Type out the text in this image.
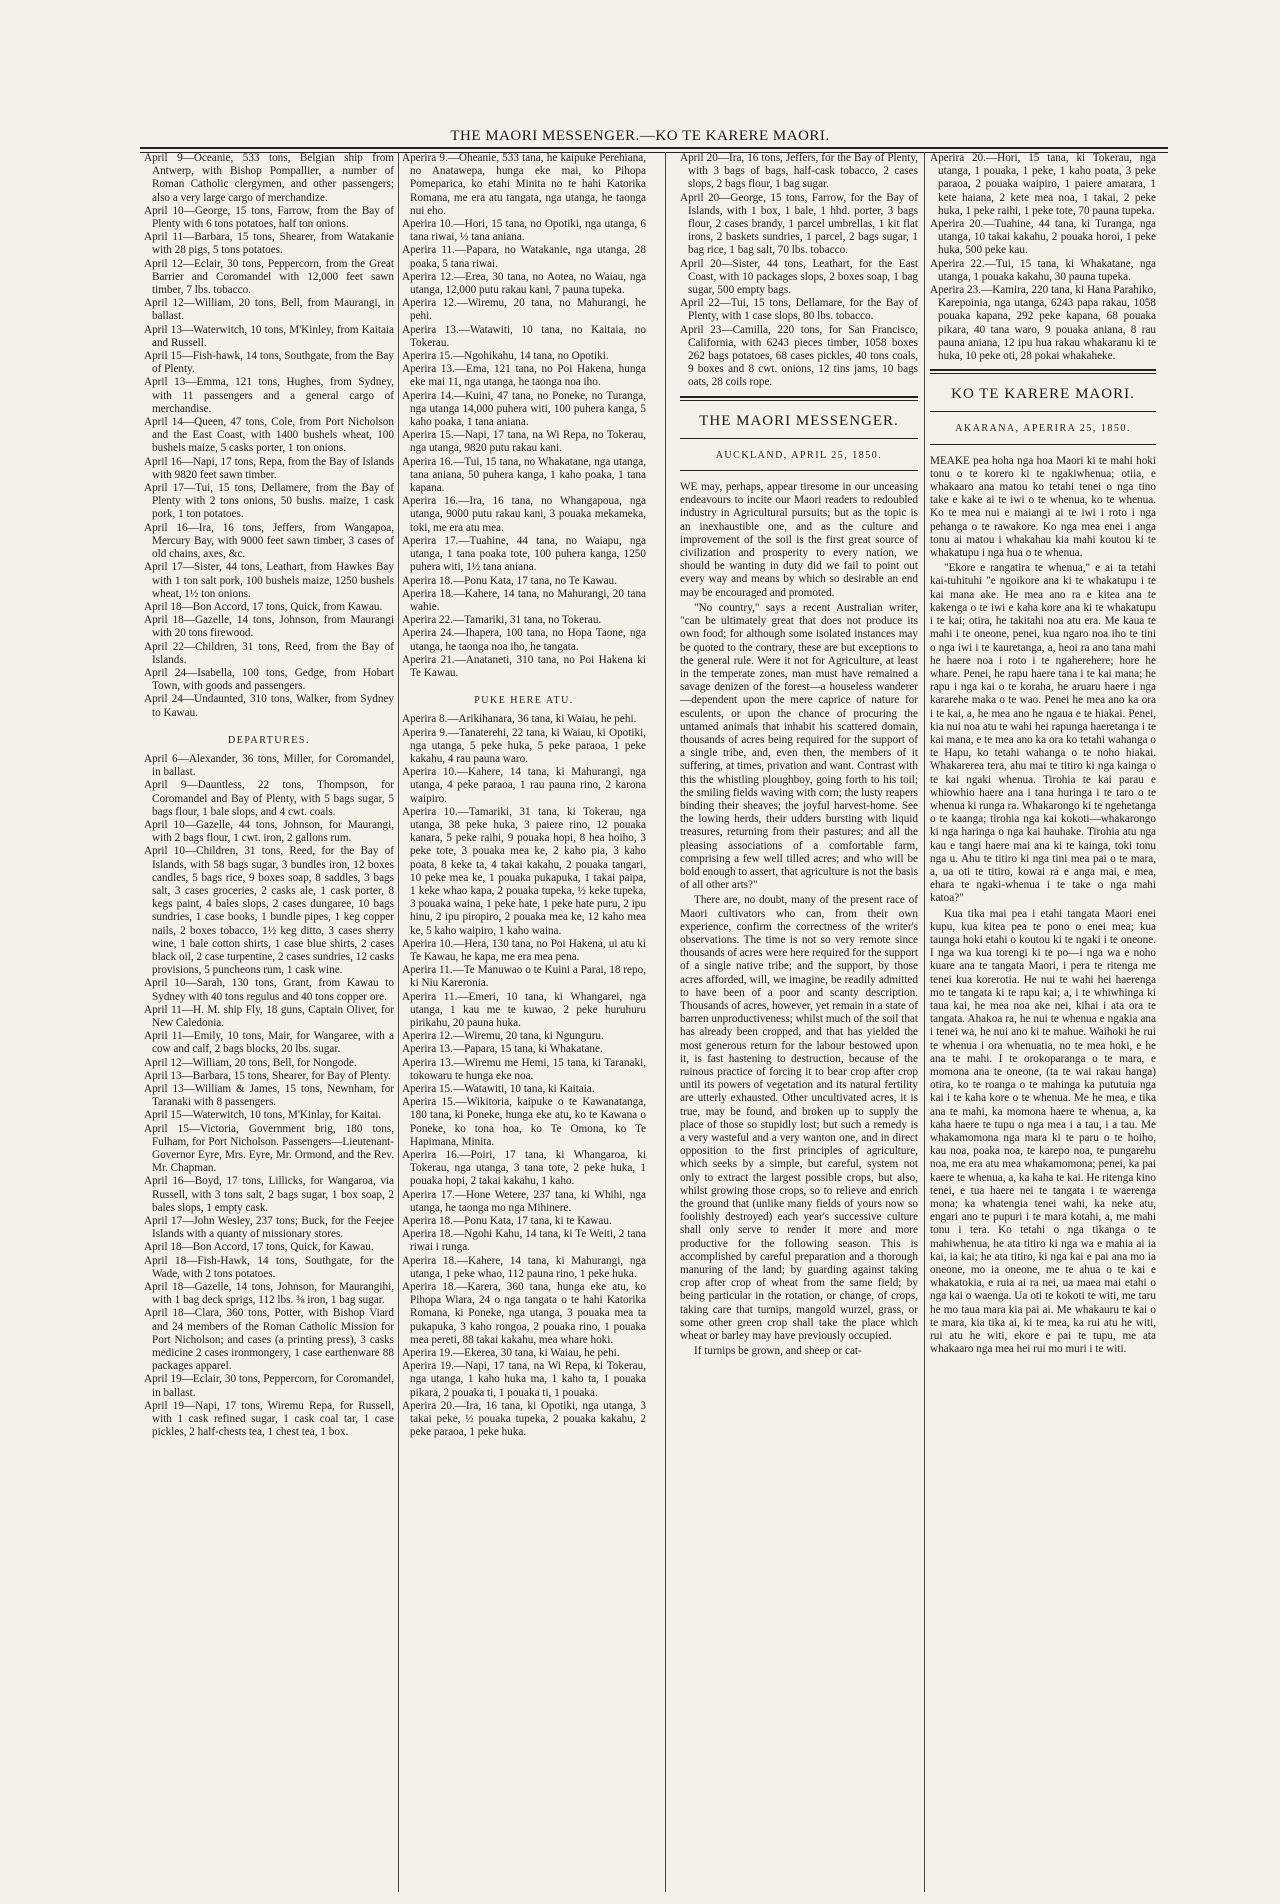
THE MAORI MESSENGER.—KO TE KARERE MAORI.

April 9—Oceanie, 533 tons, Belgian ship from Antwerp, with Bishop Pompallier, a number of Roman Catholic clergymen, and other passengers; also a very large cargo of merchandize.

April 10—George, 15 tons, Farrow, from the Bay of Plenty with 6 tons potatoes, half ton onions.

April 11—Barbara, 15 tons, Shearer, from Watakanie with 28 pigs, 5 tons potatoes.

April 12—Eclair, 30 tons, Peppercorn, from the Great Barrier and Coromandel with 12,000 feet sawn timber, 7 lbs. tobacco.

April 12—William, 20 tons, Bell, from Maurangi, in ballast.

April 13—Waterwitch, 10 tons, M'Kinley, from Kaitaia and Russell.

April 15—Fish-hawk, 14 tons, Southgate, from the Bay of Plenty.

April 13—Emma, 121 tons, Hughes, from Sydney, with 11 passengers and a general cargo of merchandise.

April 14—Queen, 47 tons, Cole, from Port Nicholson and the East Coast, with 1400 bushels wheat, 100 bushels maize, 5 casks porter, 1 ton onions.

April 16—Napi, 17 tons, Repa, from the Bay of Islands with 9820 feet sawn timber.

April 17—Tui, 15 tons, Dellamere, from the Bay of Plenty with 2 tons onions, 50 bushs. maize, 1 cask pork, 1 ton potatoes.

April 16—Ira, 16 tons, Jeffers, from Wangapoa, Mercury Bay, with 9000 feet sawn timber, 3 cases of old chains, axes, &c.

April 17—Sister, 44 tons, Leathart, from Hawkes Bay with 1 ton salt pork, 100 bushels maize, 1250 bushels wheat, 1½ ton onions.

April 18—Bon Accord, 17 tons, Quick, from Kawau.

April 18—Gazelle, 14 tons, Johnson, from Maurangi with 20 tons firewood.

April 22—Children, 31 tons, Reed, from the Bay of Islands.

April 24—Isabella, 100 tons, Gedge, from Hobart Town, with goods and passengers.

April 24—Undaunted, 310 tons, Walker, from Sydney to Kawau.

DEPARTURES.

April 6—Alexander, 36 tons, Miller, for Coromandel, in ballast.

April 9—Dauntless, 22 tons, Thompson, for Coromandel and Bay of Plenty, with 5 bags sugar, 5 bags flour, 1 bale slops, and 4 cwt. coals.

April 10—Gazelle, 44 tons, Johnson, for Maurangi, with 2 bags flour, 1 cwt. iron, 2 gallons rum.

April 10—Children, 31 tons, Reed, for the Bay of Islands, with 58 bags sugar, 3 bundles iron, 12 boxes candles, 5 bags rice, 9 boxes soap, 8 saddles, 3 bags salt, 3 cases groceries, 2 casks ale, 1 cask porter, 8 kegs paint, 4 bales slops, 2 cases dungaree, 10 bags sundries, 1 case books, 1 bundle pipes, 1 keg copper nails, 2 boxes tobacco, 1½ keg ditto, 3 cases sherry wine, 1 bale cotton shirts, 1 case blue shirts, 2 cases black oil, 2 case turpentine, 2 cases sundries, 12 casks provisions, 5 puncheons rum, 1 cask wine.

April 10—Sarah, 130 tons, Grant, from Kawau to Sydney with 40 tons regulus and 40 tons copper ore.

April 11—H. M. ship Fly, 18 guns, Captain Oliver, for New Caledonia.

April 11—Emily, 10 tons, Mair, for Wangaree, with a cow and calf, 2 bags blocks, 20 lbs. sugar.

April 12—William, 20 tons, Bell, for Nongode.

April 13—Barbara, 15 tons, Shearer, for Bay of Plenty.

April 13—William & James, 15 tons, Newnham, for Taranaki with 8 passengers.

April 15—Waterwitch, 10 tons, M'Kinlay, for Kaitai.

April 15—Victoria, Government brig, 180 tons, Fulham, for Port Nicholson. Passengers—Lieutenant-Governor Eyre, Mrs. Eyre, Mr. Ormond, and the Rev. Mr. Chapman.

April 16—Boyd, 17 tons, Lillicks, for Wangaroa, via Russell, with 3 tons salt, 2 bags sugar, 1 box soap, 2 bales slops, 1 empty cask.

April 17—John Wesley, 237 tons; Buck, for the Feejee Islands with a quanty of missionary stores.

April 18—Bon Accord, 17 tons, Quick, for Kawau.

April 18—Fish-Hawk, 14 tons, Southgate, for the Wade, with 2 tons potatoes.

April 18—Gazelle, 14 tons, Johnson, for Maurangihi, with 1 bag deck sprigs, 112 lbs. ⅜ iron, 1 bag sugar.

April 18—Clara, 360 tons, Potter, with Bishop Viard and 24 members of the Roman Catholic Mission for Port Nicholson; and cases (a printing press), 3 casks medicine 2 cases ironmongery, 1 case earthenware 88 packages apparel.

April 19—Eclair, 30 tons, Peppercorn, for Coromandel, in ballast.

April 19—Napi, 17 tons, Wiremu Repa, for Russell, with 1 cask refined sugar, 1 cask coal tar, 1 case pickles, 2 half-chests tea, 1 chest tea, 1 box.

Aperira 9.—Oheanie, 533 tana, he kaipuke Perehiana, no Anatawepa, hunga eke mai, ko Pihopa Pomeparica, ko etahi Minita no te hahi Katorika Romana, me era atu tangata, nga utanga, he taonga nui eho.

Aperira 10.—Hori, 15 tana, no Opotiki, nga utanga, 6 tana riwai, ½ tana aniana.

Aperira 11.—Papara, no Watakanie, nga utanga, 28 poaka, 5 tana riwai.

Aperira 12.—Erea, 30 tana, no Aotea, no Waiau, nga utanga, 12,000 putu rakau kani, 7 pauna tupeka.

Aperira 12.—Wiremu, 20 tana, no Mahurangi, he pehi.

Aperira 13.—Watawiti, 10 tana, no Kaitaia, no Tokerau.

Aperira 15.—Ngohikahu, 14 tana, no Opotiki.

Aperira 13.—Ema, 121 tana, no Poi Hakena, hunga eke mai 11, nga utanga, he taonga noa iho.

Aperira 14.—Kuini, 47 tana, no Poneke, no Turanga, nga utanga 14,000 puhera witi, 100 puhera kanga, 5 kaho poaka, 1 tana aniana.

Aperira 15.—Napi, 17 tana, na Wi Repa, no Tokerau, nga utanga, 9820 putu rakau kani.

Aperira 16.—Tui, 15 tana, no Whakatane, nga utanga, tana aniana, 50 puhera kanga, 1 kaho poaka, 1 tana kapana.

Aperira 16.—Ira, 16 tana, no Whangapoua, nga utanga, 9000 putu rakau kani, 3 pouaka mekameka, toki, me era atu mea.

Aperira 17.—Tuahine, 44 tana, no Waiapu, nga utanga, 1 tana poaka tote, 100 puhera kanga, 1250 puhera witi, 1½ tana aniana.

Aperira 18.—Ponu Kata, 17 tana, no Te Kawau.

Aperira 18.—Kahere, 14 tana, no Mahurangi, 20 tana wahie.

Aperira 22.—Tamariki, 31 tana, no Tokerau.

Aperira 24.—Ihapera, 100 tana, no Hopa Taone, nga utanga, he taonga noa iho, he tangata.

Aperira 21.—Anataneti, 310 tana, no Poi Hakena ki Te Kawau.

PUKE HERE ATU.

Aperira 8.—Arikihanara, 36 tana, ki Waiau, he pehi.

Aperira 9.—Tanaterehi, 22 tana, ki Waiau, ki Opotiki, nga utanga, 5 peke huka, 5 peke paraoa, 1 peke kakahu, 4 rau pauna waro.

Aperira 10.—Kahere, 14 tana, ki Mahurangi, nga utanga, 4 peke paraoa, 1 rau pauna rino, 2 karona waipiro.

Aperira 10.—Tamariki, 31 tana, ki Tokerau, nga utanga, 38 peke huka, 3 paiere rino, 12 pouaka kanara, 5 peke raihi, 9 pouaka hopi, 8 hea hoiho, 3 peke tote, 3 pouaka mea ke, 2 kaho pia, 3 kaho poata, 8 keke ta, 4 takai kakahu, 2 pouaka tangari, 10 peke mea ke, 1 pouaka pukapuka, 1 takai paipa, 1 keke whao kapa, 2 pouaka tupeka, ½ keke tupeka, 3 pouaka waina, 1 peke hate, 1 peke hate puru, 2 ipu hinu, 2 ipu piropiro, 2 pouaka mea ke, 12 kaho mea ke, 5 kaho waipiro, 1 kaho waina.

Aperira 10.—Hera, 130 tana, no Poi Hakena, ui atu ki Te Kawau, he kapa, me era mea pena.

Aperira 11.—Te Manuwao o te Kuini a Parai, 18 repo, ki Niu Kareronia.

Aperira 11.—Emeri, 10 tana, ki Whangarei, nga utanga, 1 kau me te kuwao, 2 peke huruhuru pirikahu, 20 pauna huka.

Aperira 12.—Wiremu, 20 tana, ki Ngunguru.

Aperira 13.—Papara, 15 tana, ki Whakatane.

Aperira 13.—Wiremu me Hemi, 15 tana, ki Taranaki, tokowaru te hunga eke noa.

Aperira 15.—Watawiti, 10 tana, ki Kaitaia.

Aperira 15.—Wikitoria, kaipuke o te Kawanatanga, 180 tana, ki Poneke, hunga eke atu, ko te Kawana o Poneke, ko tona hoa, ko Te Omona, ko Te Hapimana, Minita.

Aperira 16.—Poiri, 17 tana, ki Whangaroa, ki Tokerau, nga utanga, 3 tana tote, 2 peke huka, 1 pouaka hopi, 2 takai kakahu, 1 kaho.

Aperira 17.—Hone Wetere, 237 tana, ki Whihi, nga utanga, he taonga mo nga Mihinere.

Aperira 18.—Ponu Kata, 17 tana, ki te Kawau.

Aperira 18.—Ngohi Kahu, 14 tana, ki Te Weiti, 2 tana riwai i runga.

Aperira 18.—Kahere, 14 tana, ki Mahurangi, nga utanga, 1 peke whao, 112 pauna rino, 1 peke huka.

Aperira 18.—Karera, 360 tana, hunga eke atu, ko Pihopa Wiara, 24 o nga tangata o te hahi Katorika Romana, ki Poneke, nga utanga, 3 pouaka mea ta pukapuka, 3 kaho rongoa, 2 pouaka rino, 1 pouaka mea pereti, 88 takai kakahu, mea whare hoki.

Aperira 19.—Ekerea, 30 tana, ki Waiau, he pehi.

Aperira 19.—Napi, 17 tana, na Wi Repa, ki Tokerau, nga utanga, 1 kaho huka ma, 1 kaho ta, 1 pouaka pikara, 2 pouaka ti, 1 pouaka ti, 1 pouaka.

Aperira 20.—Ira, 16 tana, ki Opotiki, nga utanga, 3 takai peke, ½ pouaka tupeka, 2 pouaka kakahu, 2 peke paraoa, 1 peke huka.

April 20—Ira, 16 tons, Jeffers, for the Bay of Plenty, with 3 bags of bags, half-cask tobacco, 2 cases slops, 2 bags flour, 1 bag sugar.

April 20—George, 15 tons, Farrow, for the Bay of Islands, with 1 box, 1 bale, 1 hhd. porter, 3 bags flour, 2 cases brandy, 1 parcel umbrellas, 1 kit flat irons, 2 baskets sundries, 1 parcel, 2 bags sugar, 1 bag rice, 1 bag salt, 70 lbs. tobacco.

April 20—Sister, 44 tons, Leathart, for the East Coast, with 10 packages slops, 2 boxes soap, 1 bag sugar, 500 empty bags.

April 22—Tui, 15 tons, Dellamare, for the Bay of Plenty, with 1 case slops, 80 lbs. tobacco.

April 23—Camilla, 220 tons, for San Francisco, California, with 6243 pieces timber, 1058 boxes 262 bags potatoes, 68 cases pickles, 40 tons coals, 9 boxes and 8 cwt. onions, 12 tins jams, 10 bags oats, 28 coils rope.

THE MAORI MESSENGER.
AUCKLAND, APRIL 25, 1850.

WE may, perhaps, appear tiresome in our unceasing endeavours to incite our Maori readers to redoubled industry in Agricultural pursuits; but as the topic is an inexhaustible one, and as the culture and improvement of the soil is the first great source of civilization and prosperity to every nation, we should be wanting in duty did we fail to point out every way and means by which so desirable an end may be encouraged and promoted.

"No country," says a recent Australian writer, "can be ultimately great that does not produce its own food; for although some isolated instances may be quoted to the contrary, these are but exceptions to the general rule. Were it not for Agriculture, at least in the temperate zones, man must have remained a savage denizen of the forest—a houseless wanderer—dependent upon the mere caprice of nature for esculents, or upon the chance of procuring the untamed animals that inhabit his scattered domain, thousands of acres being required for the support of a single tribe, and, even then, the members of it suffering, at times, privation and want. Contrast with this the whistling ploughboy, going forth to his toil; the smiling fields waving with corn; the lusty reapers binding their sheaves; the joyful harvest-home. See the lowing herds, their udders bursting with liquid treasures, returning from their pastures; and all the pleasing associations of a comfortable farm, comprising a few well tilled acres; and who will be bold enough to assert, that agriculture is not the basis of all other arts?"

There are, no doubt, many of the present race of Maori cultivators who can, from their own experience, confirm the correctness of the writer's observations. The time is not so very remote since thousands of acres were here required for the support of a single native tribe; and the support, by those acres afforded, will, we imagine, be readily admitted to have been of a poor and scanty description. Thousands of acres, however, yet remain in a state of barren unproductiveness; whilst much of the soil that has already been cropped, and that has yielded the most generous return for the labour bestowed upon it, is fast hastening to destruction, because of the ruinous practice of forcing it to bear crop after crop until its powers of vegetation and its natural fertility are utterly exhausted. Other uncultivated acres, it is true, may be found, and broken up to supply the place of those so stupidly lost; but such a remedy is a very wasteful and a very wanton one, and in direct opposition to the first principles of agriculture, which seeks by a simple, but careful, system not only to extract the largest possible crops, but also, whilst growing those crops, so to relieve and enrich the ground that (unlike many fields of yours now so foolishly destroyed) each year's successive culture shall only serve to render it more and more productive for the following season. This is accomplished by careful preparation and a thorough manuring of the land; by guarding against taking crop after crop of wheat from the same field; by being particular in the rotation, or change, of crops, taking care that turnips, mangold wurzel, grass, or some other green crop shall take the place which wheat or barley may have previously occupied.

If turnips be grown, and sheep or cat-

Aperira 20.—Hori, 15 tana, ki Tokerau, nga utanga, 1 pouaka, 1 peke, 1 kaho poata, 3 peke paraoa, 2 pouaka waipiro, 1 paiere amarara, 1 kete haiana, 2 kete mea noa, 1 takai, 2 peke huka, 1 peke raihi, 1 peke tote, 70 pauna tupeka.

Aperira 20.—Tuahine, 44 tana, ki Turanga, nga utanga, 10 takai kakahu, 2 pouaka horoi, 1 peke huka, 500 peke kau.

Aperira 22.—Tui, 15 tana, ki Whakatane, nga utanga, 1 pouaka kakahu, 30 pauna tupeka.

Aperira 23.—Kamira, 220 tana, ki Hana Parahiko, Karepoinia, nga utanga, 6243 papa rakau, 1058 pouaka kapana, 292 peke kapana, 68 pouaka pikara, 40 tana waro, 9 pouaka aniana, 8 rau pauna aniana, 12 ipu hua rakau whakaranu ki te huka, 10 peke oti, 28 pokai whakaheke.

KO TE KARERE MAORI.
AKARANA, APERIRA 25, 1850.

MEAKE pea hoha nga hoa Maori ki te mahi hoki tonu o te korero ki te ngakiwhenua; otiia, e whakaaro ana matou ko tetahi tenei o nga tino take e kake ai te iwi o te whenua, ko te whenua. Ko te mea nui e maiangi ai te iwi i roto i nga pehanga o te rawakore. Ko nga mea enei i anga tonu ai matou i whakahau kia mahi koutou ki te whakatupu i nga hua o te whenua.

"Ekore e rangatira te whenua," e ai ta tetahi kai-tuhituhi "e ngoikore ana ki te whakatupu i te kai mana ake. He mea ano ra e kitea ana te kakenga o te iwi e kaha kore ana ki te whakatupu i te kai; otira, he takitahi noa atu era. Me kaua te mahi i te oneone, penei, kua ngaro noa iho te tini o nga iwi i te kauretanga, a, heoi ra ano tana mahi he haere noa i roto i te ngaherehere; hore he whare. Penei, he rapu haere tana i te kai mana; he rapu i nga kai o te koraha, he aruaru haere i nga kararehe maka o te wao. Penei he mea ano ka ora i te kai, a, he mea ano he ngaua e te hiakai. Penei, kia nui noa atu te wahi hei rapunga haeretanga i te kai mana, e te mea ano ka ora ko tetahi wahanga o te Hapu, ko tetahi wahanga o te noho hiakai. Whakarerea tera, ahu mai te titiro ki nga kainga o te kai ngaki whenua. Tirohia te kai parau e whiowhio haere ana i tana huringa i te taro o te whenua ki runga ra. Whakarongo ki te ngehetanga o te kaanga; tirohia nga kai kokoti—whakarongo ki nga haringa o nga kai hauhake. Tirohia atu nga kau e tangi haere mai ana ki te kainga, toki tonu nga u. Ahu te titiro ki nga tini mea pai o te mara, a, ua oti te titiro, kowai ra e anga mai, e mea, ehara te ngaki-whenua i te take o nga mahi katoa?"

Kua tika mai pea i etahi tangata Maori enei kupu, kua kitea pea te pono o enei mea; kua taunga hoki etahi o koutou ki te ngaki i te oneone. I nga wa kua torengi ki te po—i nga wa e noho kuare ana te tangata Maori, i pera te ritenga me tenei kua korerotia. He nui te wahi hei haerenga mo te tangata ki te rapu kai; a, i te whiwhinga ki taua kai, he mea noa ake nei, kihai i ata ora te tangata. Ahakoa ra, he nui te whenua e ngakia ana i tenei wa, he nui ano ki te mahue. Waihoki he rui te whenua i ora whenuatia, no te mea hoki, e he ana te mahi. I te orokoparanga o te mara, e momona ana te oneone, (ta te wai rakau hanga) otira, ko te roanga o te mahinga ka pututuia nga kai i te kaha kore o te whenua. Me he mea, e tika ana te mahi, ka momona haere te whenua, a, ka kaha haere te tupu o nga mea i a tau, i a tau. Me whakamomona nga mara ki te paru o te hoiho, kau noa, poaka noa, te karepo noa, te pungarehu noa, me era atu mea whakamomona; penei, ka pai kaere te whenua, a, ka kaha te kai. He ritenga kino tenei, e tua haere nei te tangata i te waerenga mona; ka whatengia tenei wahi, ka neke atu, engari ano te pupuri i te mara kotahi, a, me mahi tonu i tera. Ko tetahi o nga tikanga o te mahiwhenua, he ata titiro ki nga wa e mahia ai ia kai, ia kai; he ata titiro, ki nga kai e pai ana mo ia oneone, mo ia oneone, me te ahua o te kai e whakatokia, e ruia ai ra nei, ua maea mai etahi o nga kai o waenga. Ua oti te kokoti te witi, me taru he mo taua mara kia pai ai. Me whakauru te kai o te mara, kia tika ai, ki te mea, ka rui atu he witi, rui atu he witi, ekore e pai te tupu, me ata whakaaro nga mea hei rui mo muri i te witi.
